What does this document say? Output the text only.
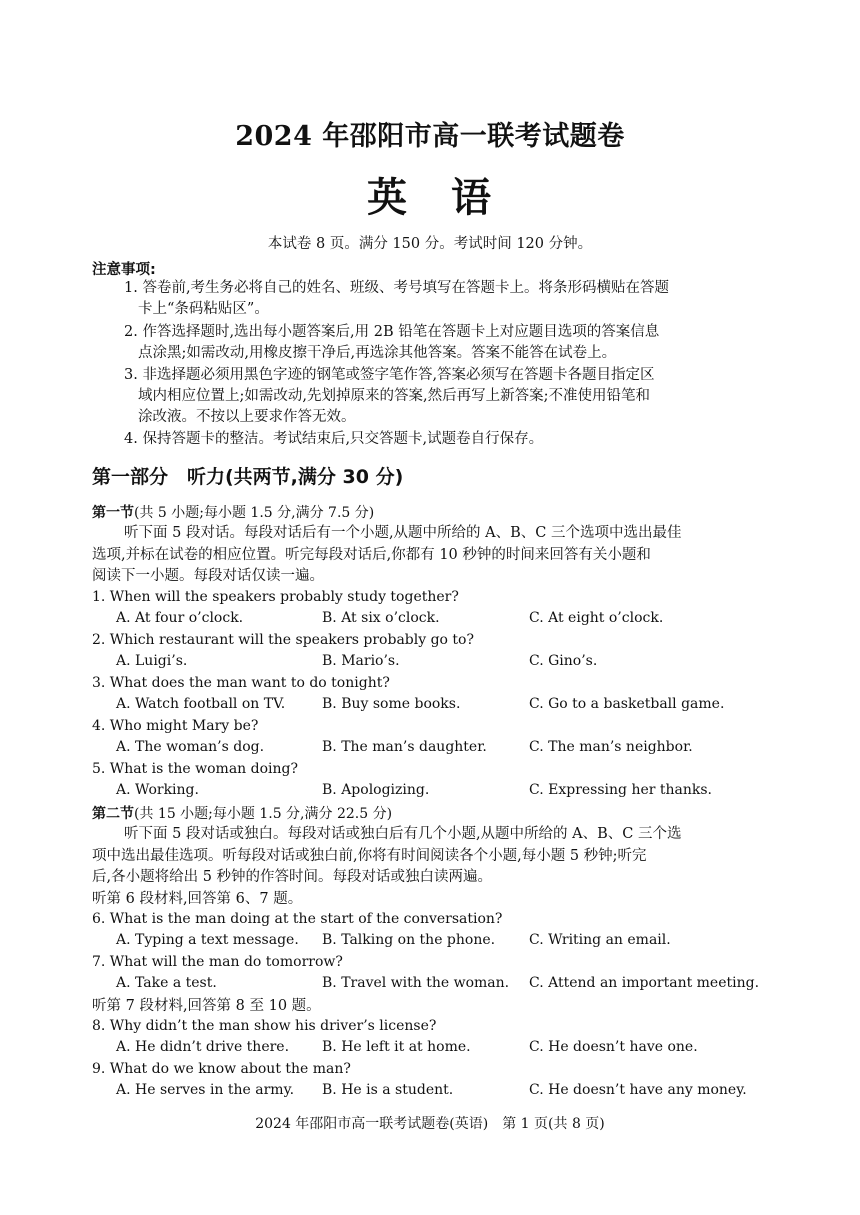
2024 年邵阳市高一联考试题卷
英　语
本试卷 8 页。满分 150 分。考试时间 120 分钟。
注意事项:
1. 答卷前,考生务必将自己的姓名、班级、考号填写在答题卡上。将条形码横贴在答题
卡上“条码粘贴区”。
2. 作答选择题时,选出每小题答案后,用 2B 铅笔在答题卡上对应题目选项的答案信息
点涂黑;如需改动,用橡皮擦干净后,再选涂其他答案。答案不能答在试卷上。
3. 非选择题必须用黑色字迹的钢笔或签字笔作答,答案必须写在答题卡各题目指定区
域内相应位置上;如需改动,先划掉原来的答案,然后再写上新答案;不准使用铅笔和
涂改液。不按以上要求作答无效。
4. 保持答题卡的整洁。考试结束后,只交答题卡,试题卷自行保存。
第一部分　听力(共两节,满分 30 分)
第一节(共 5 小题;每小题 1.5 分,满分 7.5 分)
听下面 5 段对话。每段对话后有一个小题,从题中所给的 A、B、C 三个选项中选出最佳
选项,并标在试卷的相应位置。听完每段对话后,你都有 10 秒钟的时间来回答有关小题和
阅读下一小题。每段对话仅读一遍。
1. When will the speakers probably study together?
A. At four o’clock.	B. At six o’clock.	C. At eight o’clock.
2. Which restaurant will the speakers probably go to?
A. Luigi’s.	B. Mario’s.	C. Gino’s.
3. What does the man want to do tonight?
A. Watch football on TV.	B. Buy some books.	C. Go to a basketball game.
4. Who might Mary be?
A. The woman’s dog.	B. The man’s daughter.	C. The man’s neighbor.
5. What is the woman doing?
A. Working.	B. Apologizing.	C. Expressing her thanks.
第二节(共 15 小题;每小题 1.5 分,满分 22.5 分)
听下面 5 段对话或独白。每段对话或独白后有几个小题,从题中所给的 A、B、C 三个选
项中选出最佳选项。听每段对话或独白前,你将有时间阅读各个小题,每小题 5 秒钟;听完
后,各小题将给出 5 秒钟的作答时间。每段对话或独白读两遍。
听第 6 段材料,回答第 6、7 题。
6. What is the man doing at the start of the conversation?
A. Typing a text message. B. Talking on the phone. C. Writing an email.
7. What will the man do tomorrow?
A. Take a test.	B. Travel with the woman. C. Attend an important meeting.
听第 7 段材料,回答第 8 至 10 题。
8. Why didn’t the man show his driver’s license?
A. He didn’t drive there. B. He left it at home.	C. He doesn’t have one.
9. What do we know about the man?
A. He serves in the army. B. He is a student.	C. He doesn’t have any money.
2024 年邵阳市高一联考试题卷(英语)　第 1 页(共 8 页)
